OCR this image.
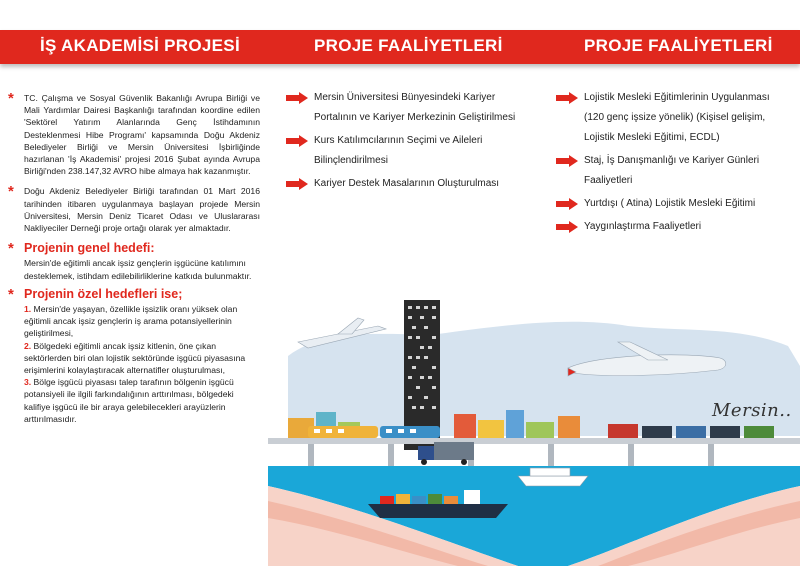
İŞ AKADEMİSİ PROJESİ	PROJE FAALİYETLERİ	PROJE FAALİYETLERİ
* TC. Çalışma ve Sosyal Güvenlik Bakanlığı Avrupa Birliği ve Mali Yardımlar Dairesi Başkanlığı tarafından koordine edilen 'Sektörel Yatırım Alanlarında Genç İstihdamının Desteklenmesi Hibe Programı' kapsamında Doğu Akdeniz Belediyeler Birliği ve Mersin Üniversitesi İşbirliğinde hazırlanan 'İş Akademisi' projesi 2016 Şubat ayında Avrupa Birliği'nden 238.147,32 AVRO hibe almaya hak kazanmıştır.
* Doğu Akdeniz Belediyeler Birliği tarafından 01 Mart 2016 tarihinden itibaren uygulanmaya başlayan projede Mersin Üniversitesi, Mersin Deniz Ticaret Odası ve Uluslararası Nakliyeciler Derneği proje ortağı olarak yer almaktadır.
* Projenin genel hedefi:
Mersin'de eğitimli ancak işsiz gençlerin işgücüne katılımını desteklemek, istihdam edilebilirliklerine katkıda bulunmaktır.
* Projenin özel hedefleri ise;
1. Mersin'de yaşayan, özellikle işsizlik oranı yüksek olan eğitimli ancak işsiz gençlerin iş arama potansiyellerinin geliştirilmesi,
2. Bölgedeki eğitimli ancak işsiz kitlenin, öne çıkan sektörlerden biri olan lojistik sektöründe işgücü piyasasına erişimlerini kolaylaştıracak alternatifler oluşturulması,
3. Bölge işgücü piyasası talep tarafının bölgenin işgücü potansiyeli ile ilgili farkındalığının arttırılması, bölgedeki kalifiye işgücü ile bir araya gelebilecekleri arayüzlerin arttırılmasıdır.
Mersin Üniversitesi Bünyesindeki Kariyer Portalının ve Kariyer Merkezinin Geliştirilmesi
Kurs Katılımcılarının Seçimi ve Aileleri Bilinçlendirilmesi
Kariyer Destek Masalarının Oluşturulması
Lojistik Mesleki Eğitimlerinin Uygulanması (120 genç işsize yönelik) (Kişisel gelişim, Lojistik Mesleki Eğitimi, ECDL)
Staj, İş Danışmanlığı ve Kariyer Günleri Faaliyetleri
Yurtdışı ( Atina) Lojistik Mesleki Eğitimi
Yaygınlaştırma Faaliyetleri
Mersin..
